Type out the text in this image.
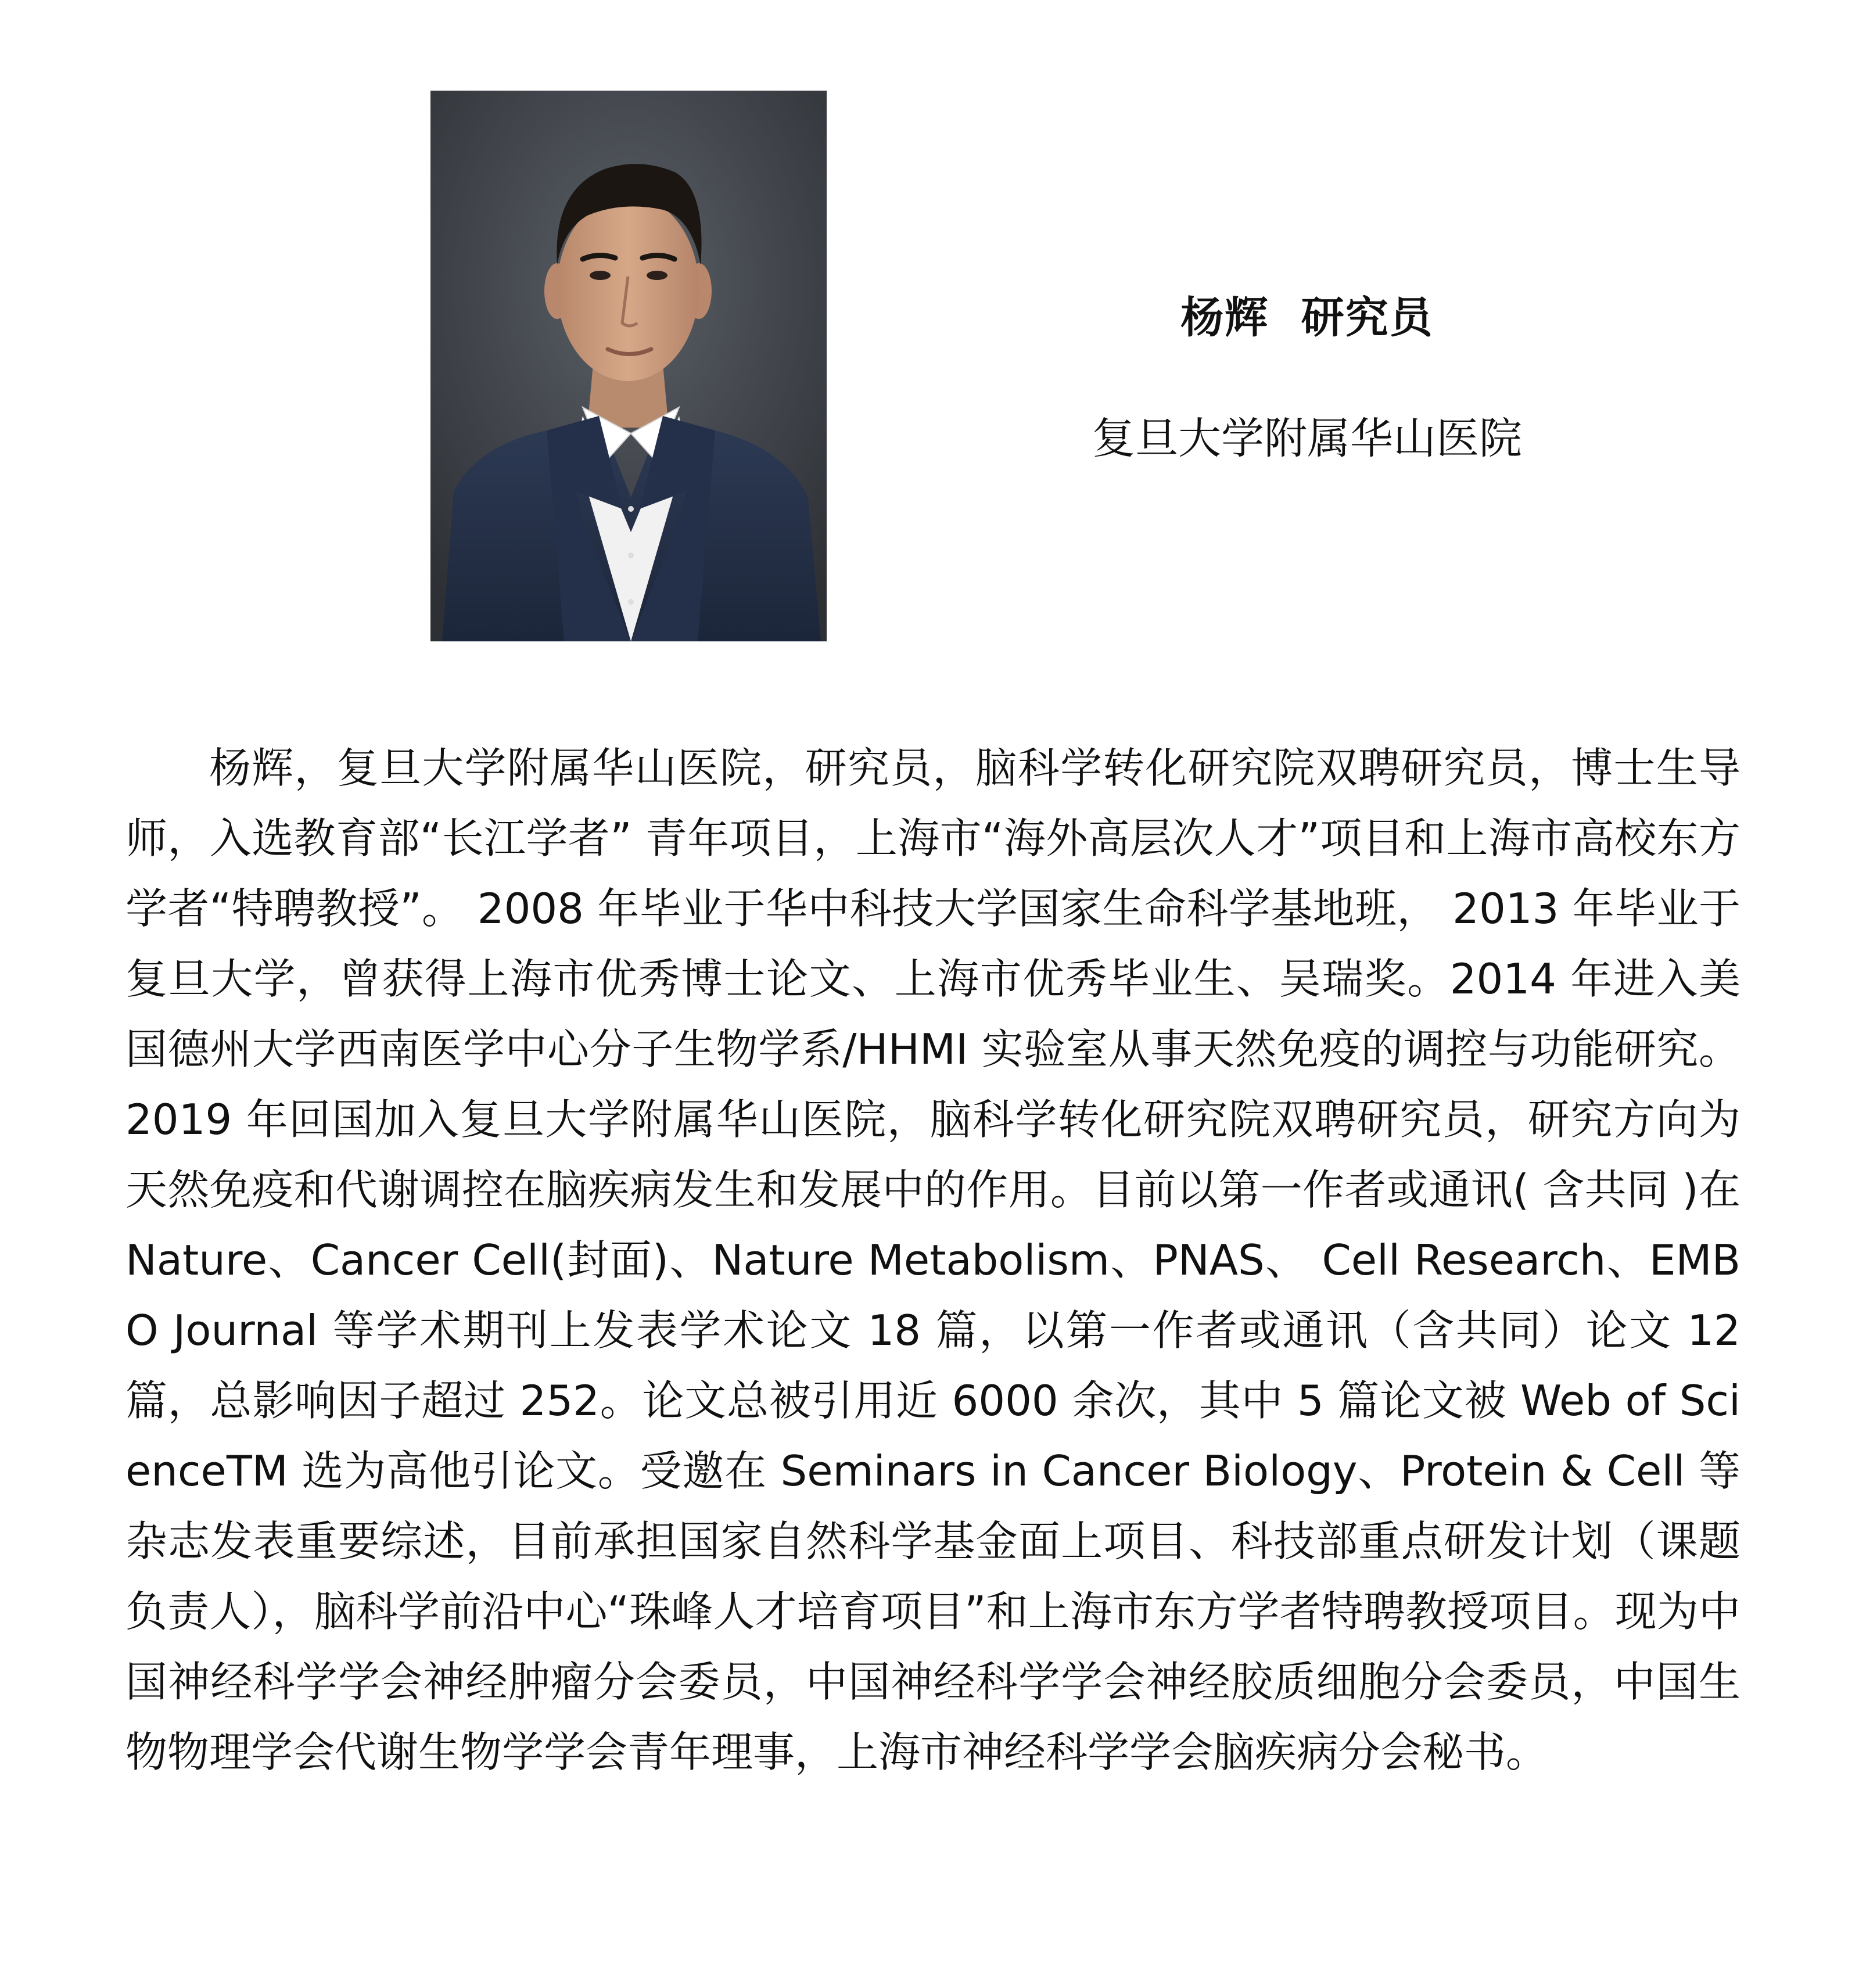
杨辉  研究员
复旦大学附属华山医院

杨辉，复旦大学附属华山医院，研究员，脑科学转化研究院双聘研究员，博士生导师，入选教育部“长江学者” 青年项目，上海市“海外高层次人才”项目和上海市高校东方学者“特聘教授”。 2008 年毕业于华中科技大学国家生命科学基地班， 2013 年毕业于复旦大学，曾获得上海市优秀博士论文、上海市优秀毕业生、吴瑞奖。2014 年进入美国德州大学西南医学中心分子生物学系/HHMI 实验室从事天然免疫的调控与功能研究。2019 年回国加入复旦大学附属华山医院，脑科学转化研究院双聘研究员，研究方向为天然免疫和代谢调控在脑疾病发生和发展中的作用。目前以第一作者或通讯( 含共同 )在 Nature、Cancer Cell(封面)、Nature Metabolism、PNAS、 Cell Research、EMBO Journal 等学术期刊上发表学术论文 18 篇，以第一作者或通讯（含共同）论文 12 篇，总影响因子超过 252。论文总被引用近 6000 余次，其中 5 篇论文被 Web of ScienceTM 选为高他引论文。受邀在 Seminars in Cancer Biology、Protein & Cell 等杂志发表重要综述，目前承担国家自然科学基金面上项目、科技部重点研发计划（课题负责人），脑科学前沿中心“珠峰人才培育项目”和上海市东方学者特聘教授项目。现为中国神经科学学会神经肿瘤分会委员，中国神经科学学会神经胶质细胞分会委员，中国生物物理学会代谢生物学学会青年理事，上海市神经科学学会脑疾病分会秘书。
